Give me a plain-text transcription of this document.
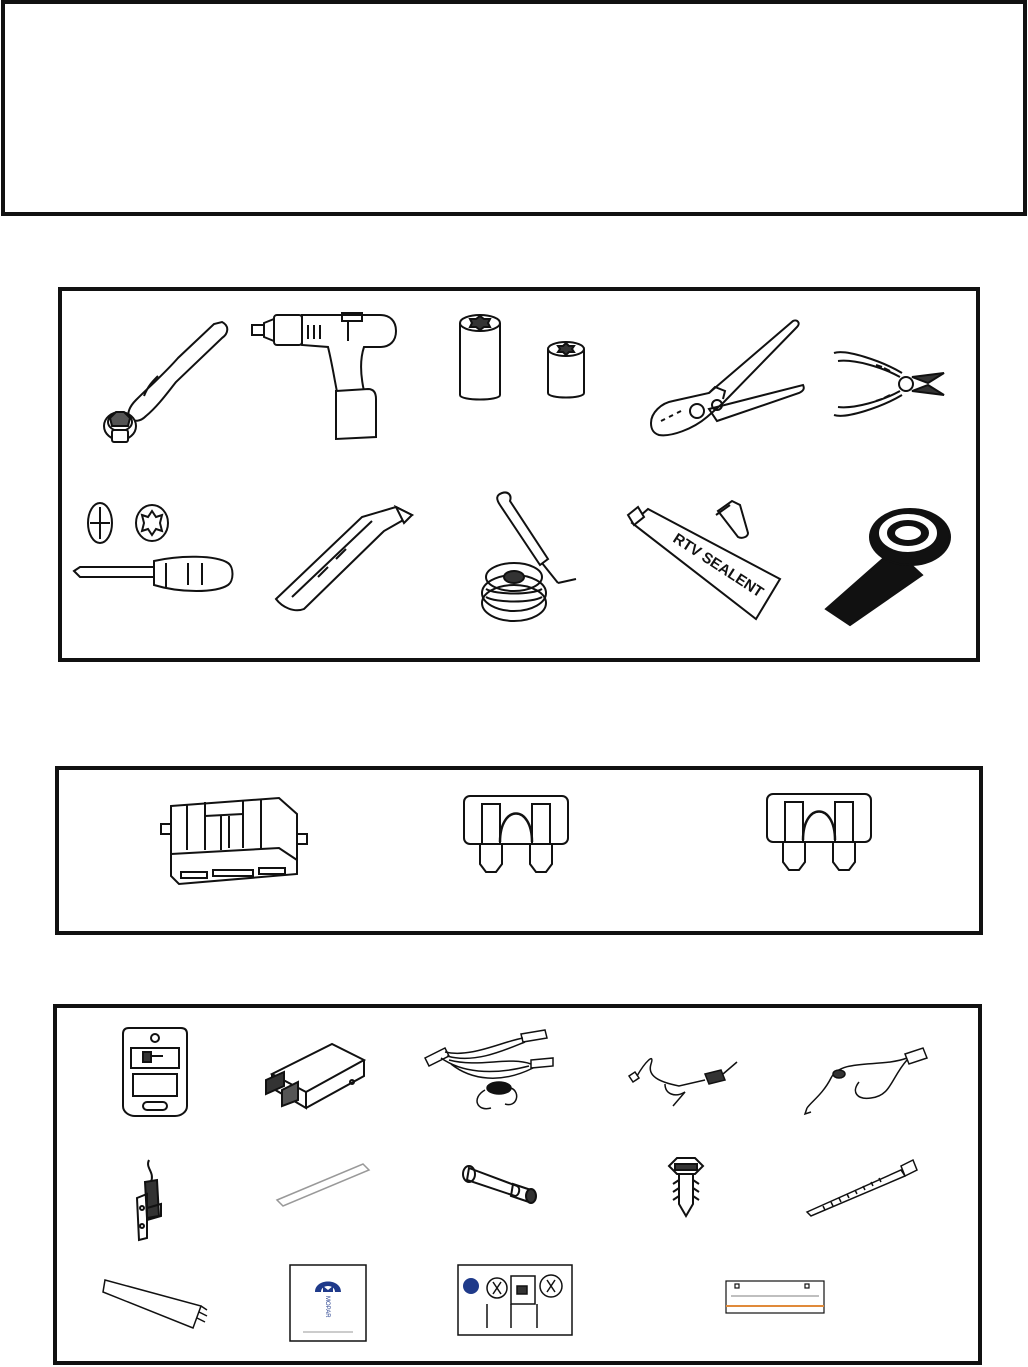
RTV SEALENT
MOPAR
